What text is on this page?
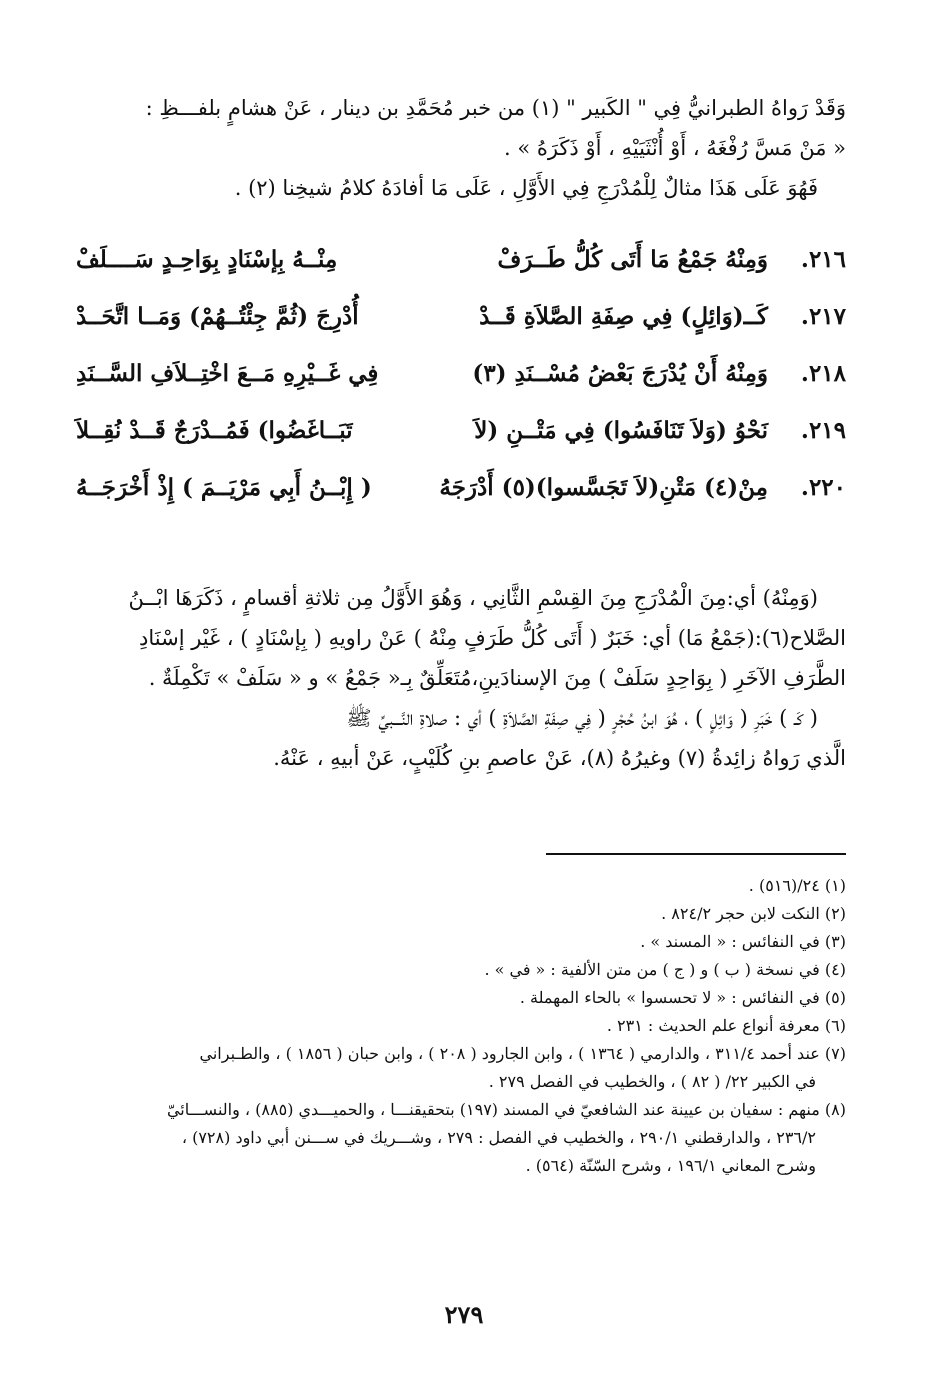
وَقَدْ رَواهُ الطبرانيُّ فِي " الكَبير " (١) من خبر مُحَمَّدِ بن دينار ، عَنْ هشامٍ بلفـــظِ :

« مَنْ مَسَّ رُفْغَهُ ، أَوْ أُنْثَيَيْهِ ، أَوْ ذَكَرَهُ » .

فَهُوَ عَلَى هَذَا مثالٌ لِلْمُدْرَجِ فِي الأَوَّلِ ، عَلَى مَا أفادَهُ كلامُ شيخِنا (٢) .

٢١٦.
وَمِنْهُ جَمْعُ مَا أَتَى كُلُّ طَــرَفْ
مِنْــهُ بِإسْنَادٍ بِوَاحِـدٍ سَــــلَفْ
٢١٧.
كَــ(وَائِلٍ) فِي صِفَةِ الصَّلاَةِ قَــدْ
أُدْرِجَ (ثُمَّ جِئْتُــهُمْ) وَمَــا اتَّحَــدْ
٢١٨.
وَمِنْهُ أَنْ يُدْرَجَ بَعْضُ مُسْــنَدِ (٣)
فِي غَــيْرِهِ مَــعَ اخْتِــلاَفِ السَّــنَدِ
٢١٩.
نَحْوُ (وَلاَ تَنَافَسُوا) فِي مَتْــنِ (لاَ
تَبَــاغَضُوا) فَمُــدْرَجٌ قَــدْ نُقِــلاَ
٢٢٠.
مِنْ(٤) مَتْنِ(لاَ تَجَسَّسوا)(٥) أَدْرَجَهُ
( إِبْــنُ أَبِي مَرْيَــمَ ) إِذْ أَخْرَجَــهُ

(وَمِنْهُ) أي:مِنَ الْمُدْرَجِ مِنَ القِسْمِ الثَّانِي ، وَهُوَ الأَوَّلُ مِن ثلاثةِ أقسامٍ ، ذَكَرَهَا ابْــنُ

الصَّلاح(٦):(جَمْعُ مَا) أي: خَبَرٌ ( أَتَى كُلُّ طَرَفٍ مِنْهُ ) عَنْ راويهِ ( بِإسْنَادٍ ) ، غَيْر إسْنَادِ

الطَّرَفِ الآخَرِ ( بِوَاحِدٍ سَلَفْ ) مِنَ الإسنادَينِ،مُتَعَلِّقٌ بِـ« جَمْعُ » و « سَلَفْ » تَكْمِلَةٌ .

( كَـ ) خَبَرِ ( وَائِلٍ ) ، هُوَ ابنُ حُجْرٍ ( فِي صِفَةِ الصَّلاَةِ ) أي : صلاةِ النَّـــبيِّ ﷺ

الَّذي رَواهُ زائِدةُ (٧) وغيرُهُ (٨)، عَنْ عاصمِ بنِ كُلَيْبٍ، عَنْ أبيهِ ، عَنْهُ.

(١) ٢٤/(٥١٦) .

(٢) النكت لابن حجر ٨٢٤/٢ .

(٣) في النفائس : « المسند » .

(٤) في نسخة ( ب ) و ( ج ) من متن الألفية : « في » .

(٥) في النفائس : « لا تحسسوا » بالحاء المهملة .

(٦) معرفة أنواع علم الحديث : ٢٣١ .

(٧) عند أحمد ٣١١/٤ ، والدارمي ( ١٣٦٤ ) ، وابن الجارود ( ٢٠٨ ) ، وابن حبان ( ١٨٥٦ ) ، والطـبراني

في الكبير ٢٢/ ( ٨٢ ) ، والخطيب في الفصل ٢٧٩ .

(٨) منهم : سفيان بن عيينة عند الشافعيّ في المسند (١٩٧) بتحقيقنـــا ، والحميـــدي (٨٨٥) ، والنســـائيّ

٢٣٦/٢ ، والدارقطني ٢٩٠/١ ، والخطيب في الفصل : ٢٧٩ ، وشـــريك في ســـنن أبي داود (٧٢٨) ،

وشرح المعاني ١٩٦/١ ، وشرح السّنّة (٥٦٤) .

٢٧٩
